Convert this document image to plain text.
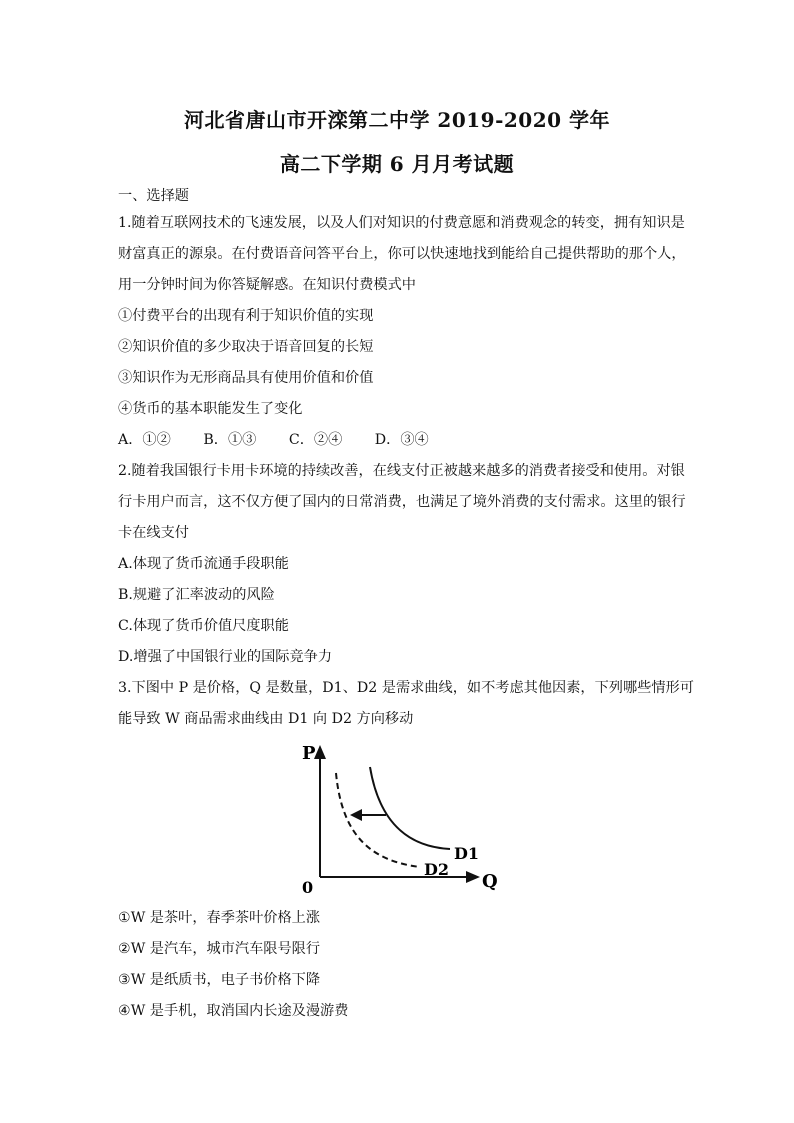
河北省唐山市开滦第二中学 2019-2020 学年
高二下学期 6 月月考试题
一、选择题
1.随着互联网技术的飞速发展，以及人们对知识的付费意愿和消费观念的转变，拥有知识是
财富真正的源泉。在付费语音问答平台上，你可以快速地找到能给自己提供帮助的那个人，
用一分钟时间为你答疑解惑。在知识付费模式中
①付费平台的出现有利于知识价值的实现
②知识价值的多少取决于语音回复的长短
③知识作为无形商品具有使用价值和价值
④货币的基本职能发生了变化
A．①② B．①③ C．②④ D．③④
2.随着我国银行卡用卡环境的持续改善，在线支付正被越来越多的消费者接受和使用。对银
行卡用户而言，这不仅方便了国内的日常消费，也满足了境外消费的支付需求。这里的银行
卡在线支付
A.体现了货币流通手段职能
B.规避了汇率波动的风险
C.体现了货币价值尺度职能
D.增强了中国银行业的国际竞争力
3.下图中 P 是价格，Q 是数量，D1、D2 是需求曲线，如不考虑其他因素，下列哪些情形可
能导致 W 商品需求曲线由 D1 向 D2 方向移动
P
0	Q
D1
D2
①W 是茶叶，春季茶叶价格上涨
②W 是汽车，城市汽车限号限行
③W 是纸质书，电子书价格下降
④W 是手机，取消国内长途及漫游费
